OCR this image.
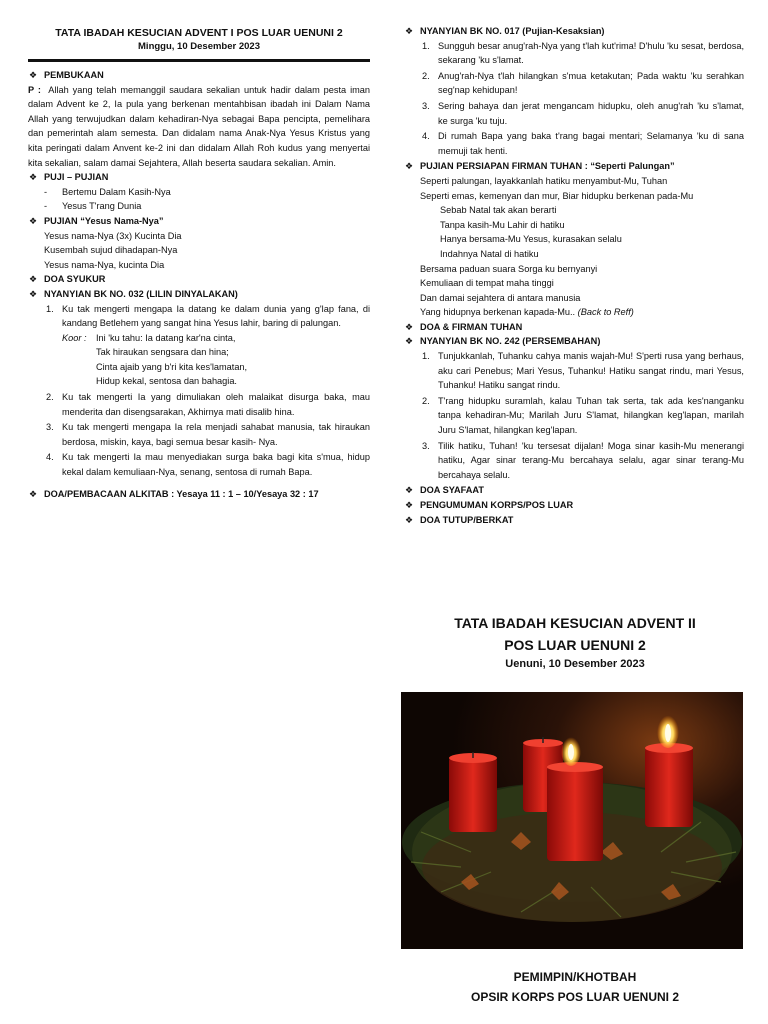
TATA IBADAH KESUCIAN ADVENT I POS LUAR UENUNI 2
Minggu, 10 Desember 2023
❖ PEMBUKAAN
P : Allah yang telah memanggil saudara sekalian untuk hadir dalam pesta iman dalam Advent ke 2, Ia pula yang berkenan mentahbisan ibadah ini Dalam Nama Allah yang terwujudkan dalam kehadiran-Nya sebagai Bapa pencipta, pemelihara dan pemerintah alam semesta. Dan didalam nama Anak-Nya Yesus Kristus yang kita peringati dalam Anvent ke-2 ini dan didalam Allah Roh kudus yang menyertai kita sekalian, salam damai Sejahtera, Allah beserta saudara sekalian. Amin.
❖ PUJI – PUJIAN
- Bertemu Dalam Kasih-Nya
- Yesus T'rang Dunia
❖ PUJIAN “Yesus Nama-Nya”
Yesus nama-Nya (3x) Kucinta Dia
Kusembah sujud dihadapan-Nya
Yesus nama-Nya, kucinta Dia
❖ DOA SYUKUR
❖ NYANYIAN BK NO. 032 (LILIN DINYALAKAN)
Ku tak mengerti mengapa Ia datang ke dalam dunia yang g'lap fana, di kandang Betlehem yang sangat hina Yesus lahir, baring di palungan.
Koor :	Ini 'ku tahu: Ia datang kar'na cinta,
Tak hiraukan sengsara dan hina;
Cinta ajaib yang b'ri kita kes'lamatan,
Hidup kekal, sentosa dan bahagia.
Ku tak mengerti Ia yang dimuliakan oleh malaikat disurga baka, mau menderita dan disengsarakan, Akhirnya mati disalib hina.
Ku tak mengerti mengapa Ia rela menjadi sahabat manusia, tak hiraukan berdosa, miskin, kaya, bagi semua besar kasih- Nya.
Ku tak mengerti Ia mau menyediakan surga baka bagi kita s'mua, hidup kekal dalam kemuliaan-Nya, senang, sentosa di rumah Bapa.
❖ DOA/PEMBACAAN ALKITAB : Yesaya 11 : 1 – 10/Yesaya 32 : 17
❖ NYANYIAN BK NO. 017 (Pujian-Kesaksian)
Sungguh besar anug'rah-Nya yang t'lah kut'rima! D'hulu 'ku sesat, berdosa, sekarang 'ku s'lamat.
Anug'rah-Nya t'lah hilangkan s'mua ketakutan; Pada waktu 'ku serahkan seg'nap kehidupan!
Sering bahaya dan jerat mengancam hidupku, oleh anug'rah 'ku s'lamat, ke surga 'ku tuju.
Di rumah Bapa yang baka t'rang bagai mentari; Selamanya 'ku di sana memuji tak henti.
❖ PUJIAN PERSIAPAN FIRMAN TUHAN : “Seperti Palungan”
Seperti palungan, layakkanlah hatiku menyambut-Mu, Tuhan
Seperti emas, kemenyan dan mur, Biar hidupku berkenan pada-Mu
Sebab Natal tak akan berarti
Tanpa kasih-Mu Lahir di hatiku
Hanya bersama-Mu Yesus, kurasakan selalu
Indahnya Natal di hatiku
Bersama paduan suara Sorga ku bernyanyi
Kemuliaan di tempat maha tinggi
Dan damai sejahtera di antara manusia
Yang hidupnya berkenan kapada-Mu.. (Back to Reff)
❖ DOA & FIRMAN TUHAN
❖ NYANYIAN BK NO. 242 (PERSEMBAHAN)
Tunjukkanlah, Tuhanku cahya manis wajah-Mu! S'perti rusa yang berhaus, aku cari Penebus; Mari Yesus, Tuhanku! Hatiku sangat rindu, mari Yesus, Tuhanku! Hatiku sangat rindu.
T'rang hidupku suramlah, kalau Tuhan tak serta, tak ada kes'nanganku tanpa kehadiran-Mu; Marilah Juru S'lamat, hilangkan keg'lapan, marilah Juru S'lamat, hilangkan keg'lapan.
Tilik hatiku, Tuhan! 'ku tersesat dijalan! Moga sinar kasih-Mu menerangi hatiku, Agar sinar terang-Mu bercahaya selalu, agar sinar terang-Mu bercahaya selalu.
❖ DOA SYAFAAT
❖ PENGUMUMAN KORPS/POS LUAR
❖ DOA TUTUP/BERKAT
TATA IBADAH KESUCIAN ADVENT II
POS LUAR UENUNI 2
Uenuni, 10 Desember 2023
PEMIMPIN/KHOTBAH
OPSIR KORPS POS LUAR UENUNI 2
